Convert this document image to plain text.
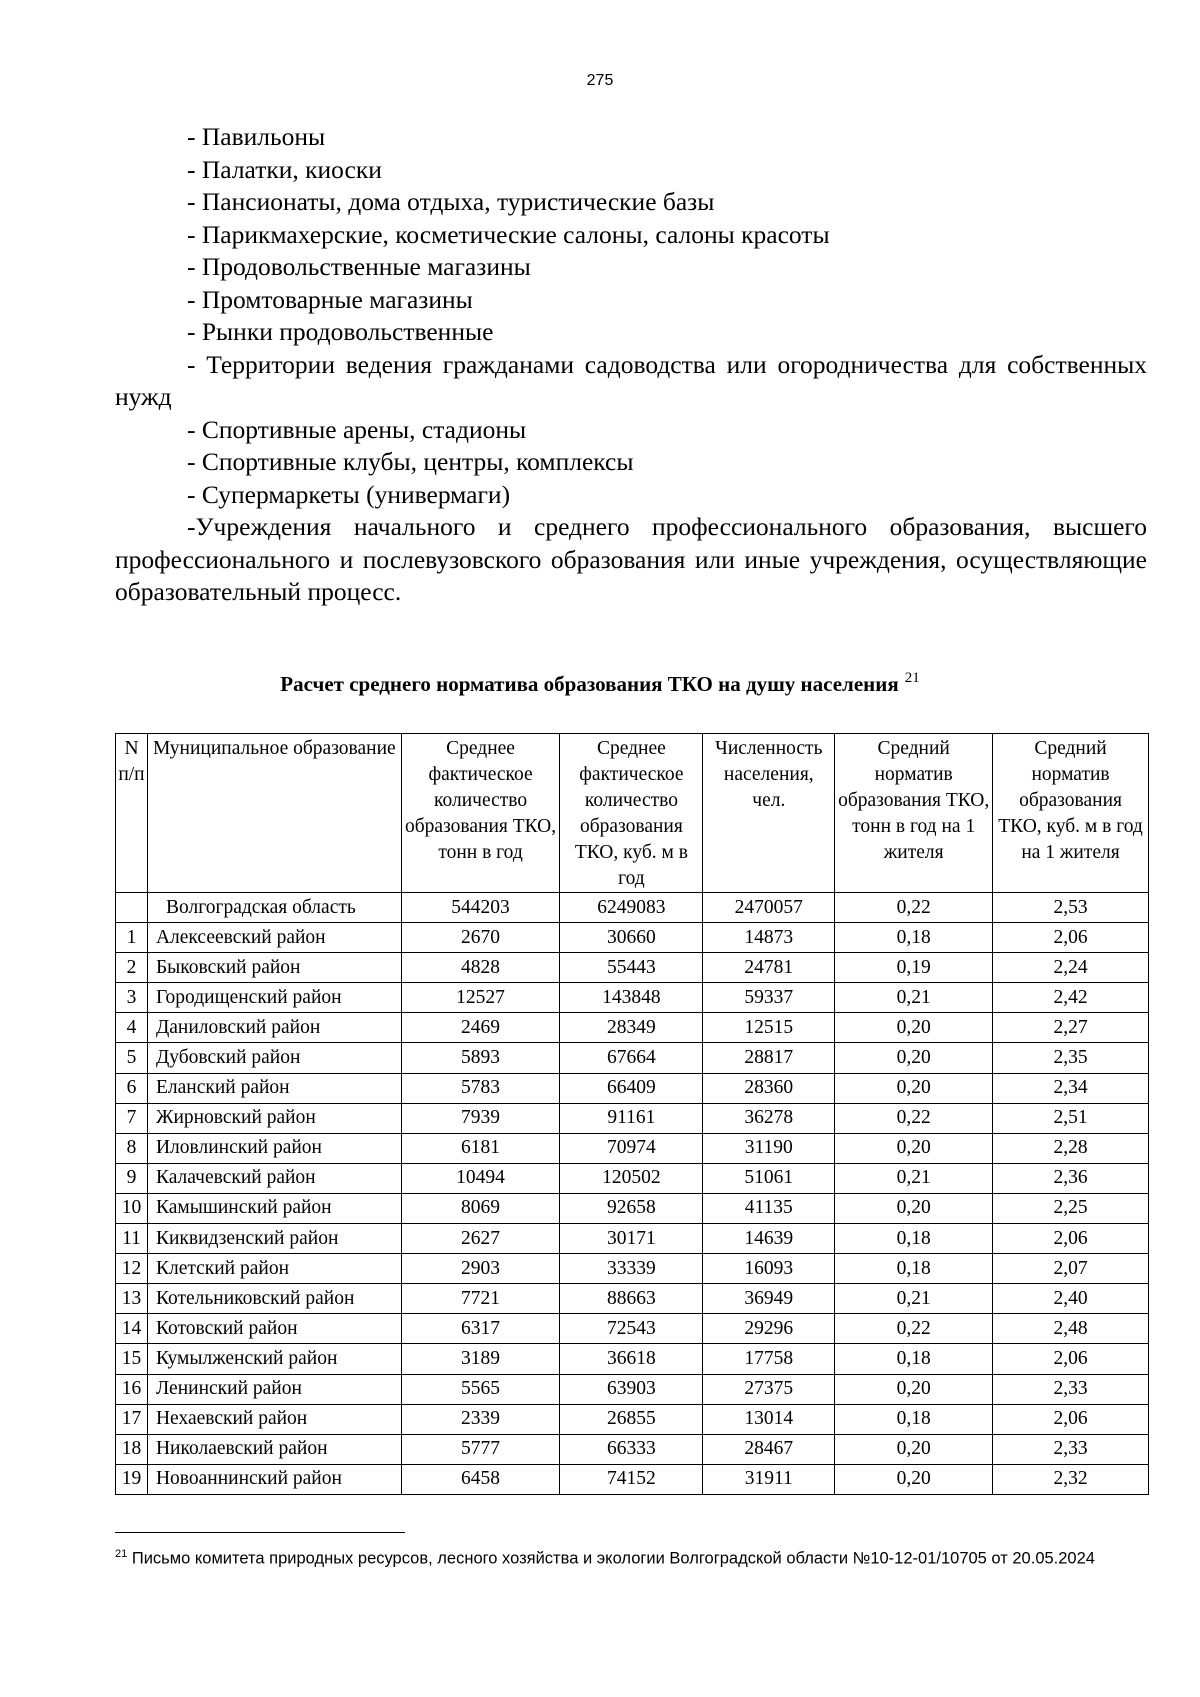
275

- Павильоны

- Палатки, киоски

- Пансионаты, дома отдыха, туристические базы

- Парикмахерские, косметические салоны, салоны красоты

- Продовольственные магазины

- Промтоварные магазины

- Рынки продовольственные

- Территории ведения гражданами садоводства или огородничества для собственных нужд

- Спортивные арены, стадионы

- Спортивные клубы, центры, комплексы

- Супермаркеты (универмаги)

-Учреждения начального и среднего профессионального образования, высшего профессионального и послевузовского образования или иные учреждения, осуществляющие образовательный процесс.

Расчет среднего норматива образования ТКО на душу населения $^{21}$
N п/п	Муниципальное образование	Среднее фактическое количество образования ТКО, тонн в год	Среднее фактическое количество образования ТКО, куб. м в год	Численность населения, чел.	Средний норматив образования ТКО, тонн в год на 1 жителя	Средний норматив образования ТКО, куб. м в год на 1 жителя
	Волгоградская область	544203	6249083	2470057	0,22	2,53
1	Алексеевский район	2670	30660	14873	0,18	2,06
2	Быковский район	4828	55443	24781	0,19	2,24
3	Городищенский район	12527	143848	59337	0,21	2,42
4	Даниловский район	2469	28349	12515	0,20	2,27
5	Дубовский район	5893	67664	28817	0,20	2,35
6	Еланский район	5783	66409	28360	0,20	2,34
7	Жирновский район	7939	91161	36278	0,22	2,51
8	Иловлинский район	6181	70974	31190	0,20	2,28
9	Калачевский район	10494	120502	51061	0,21	2,36
10	Камышинский район	8069	92658	41135	0,20	2,25
11	Киквидзенский район	2627	30171	14639	0,18	2,06
12	Клетский район	2903	33339	16093	0,18	2,07
13	Котельниковский район	7721	88663	36949	0,21	2,40
14	Котовский район	6317	72543	29296	0,22	2,48
15	Кумылженский район	3189	36618	17758	0,18	2,06
16	Ленинский район	5565	63903	27375	0,20	2,33
17	Нехаевский район	2339	26855	13014	0,18	2,06
18	Николаевский район	5777	66333	28467	0,20	2,33
19	Новоаннинский район	6458	74152	31911	0,20	2,32
$^{21}$ Письмо комитета природных ресурсов, лесного хозяйства и экологии Волгоградской области №10-12-01/10705 от 20.05.2024
